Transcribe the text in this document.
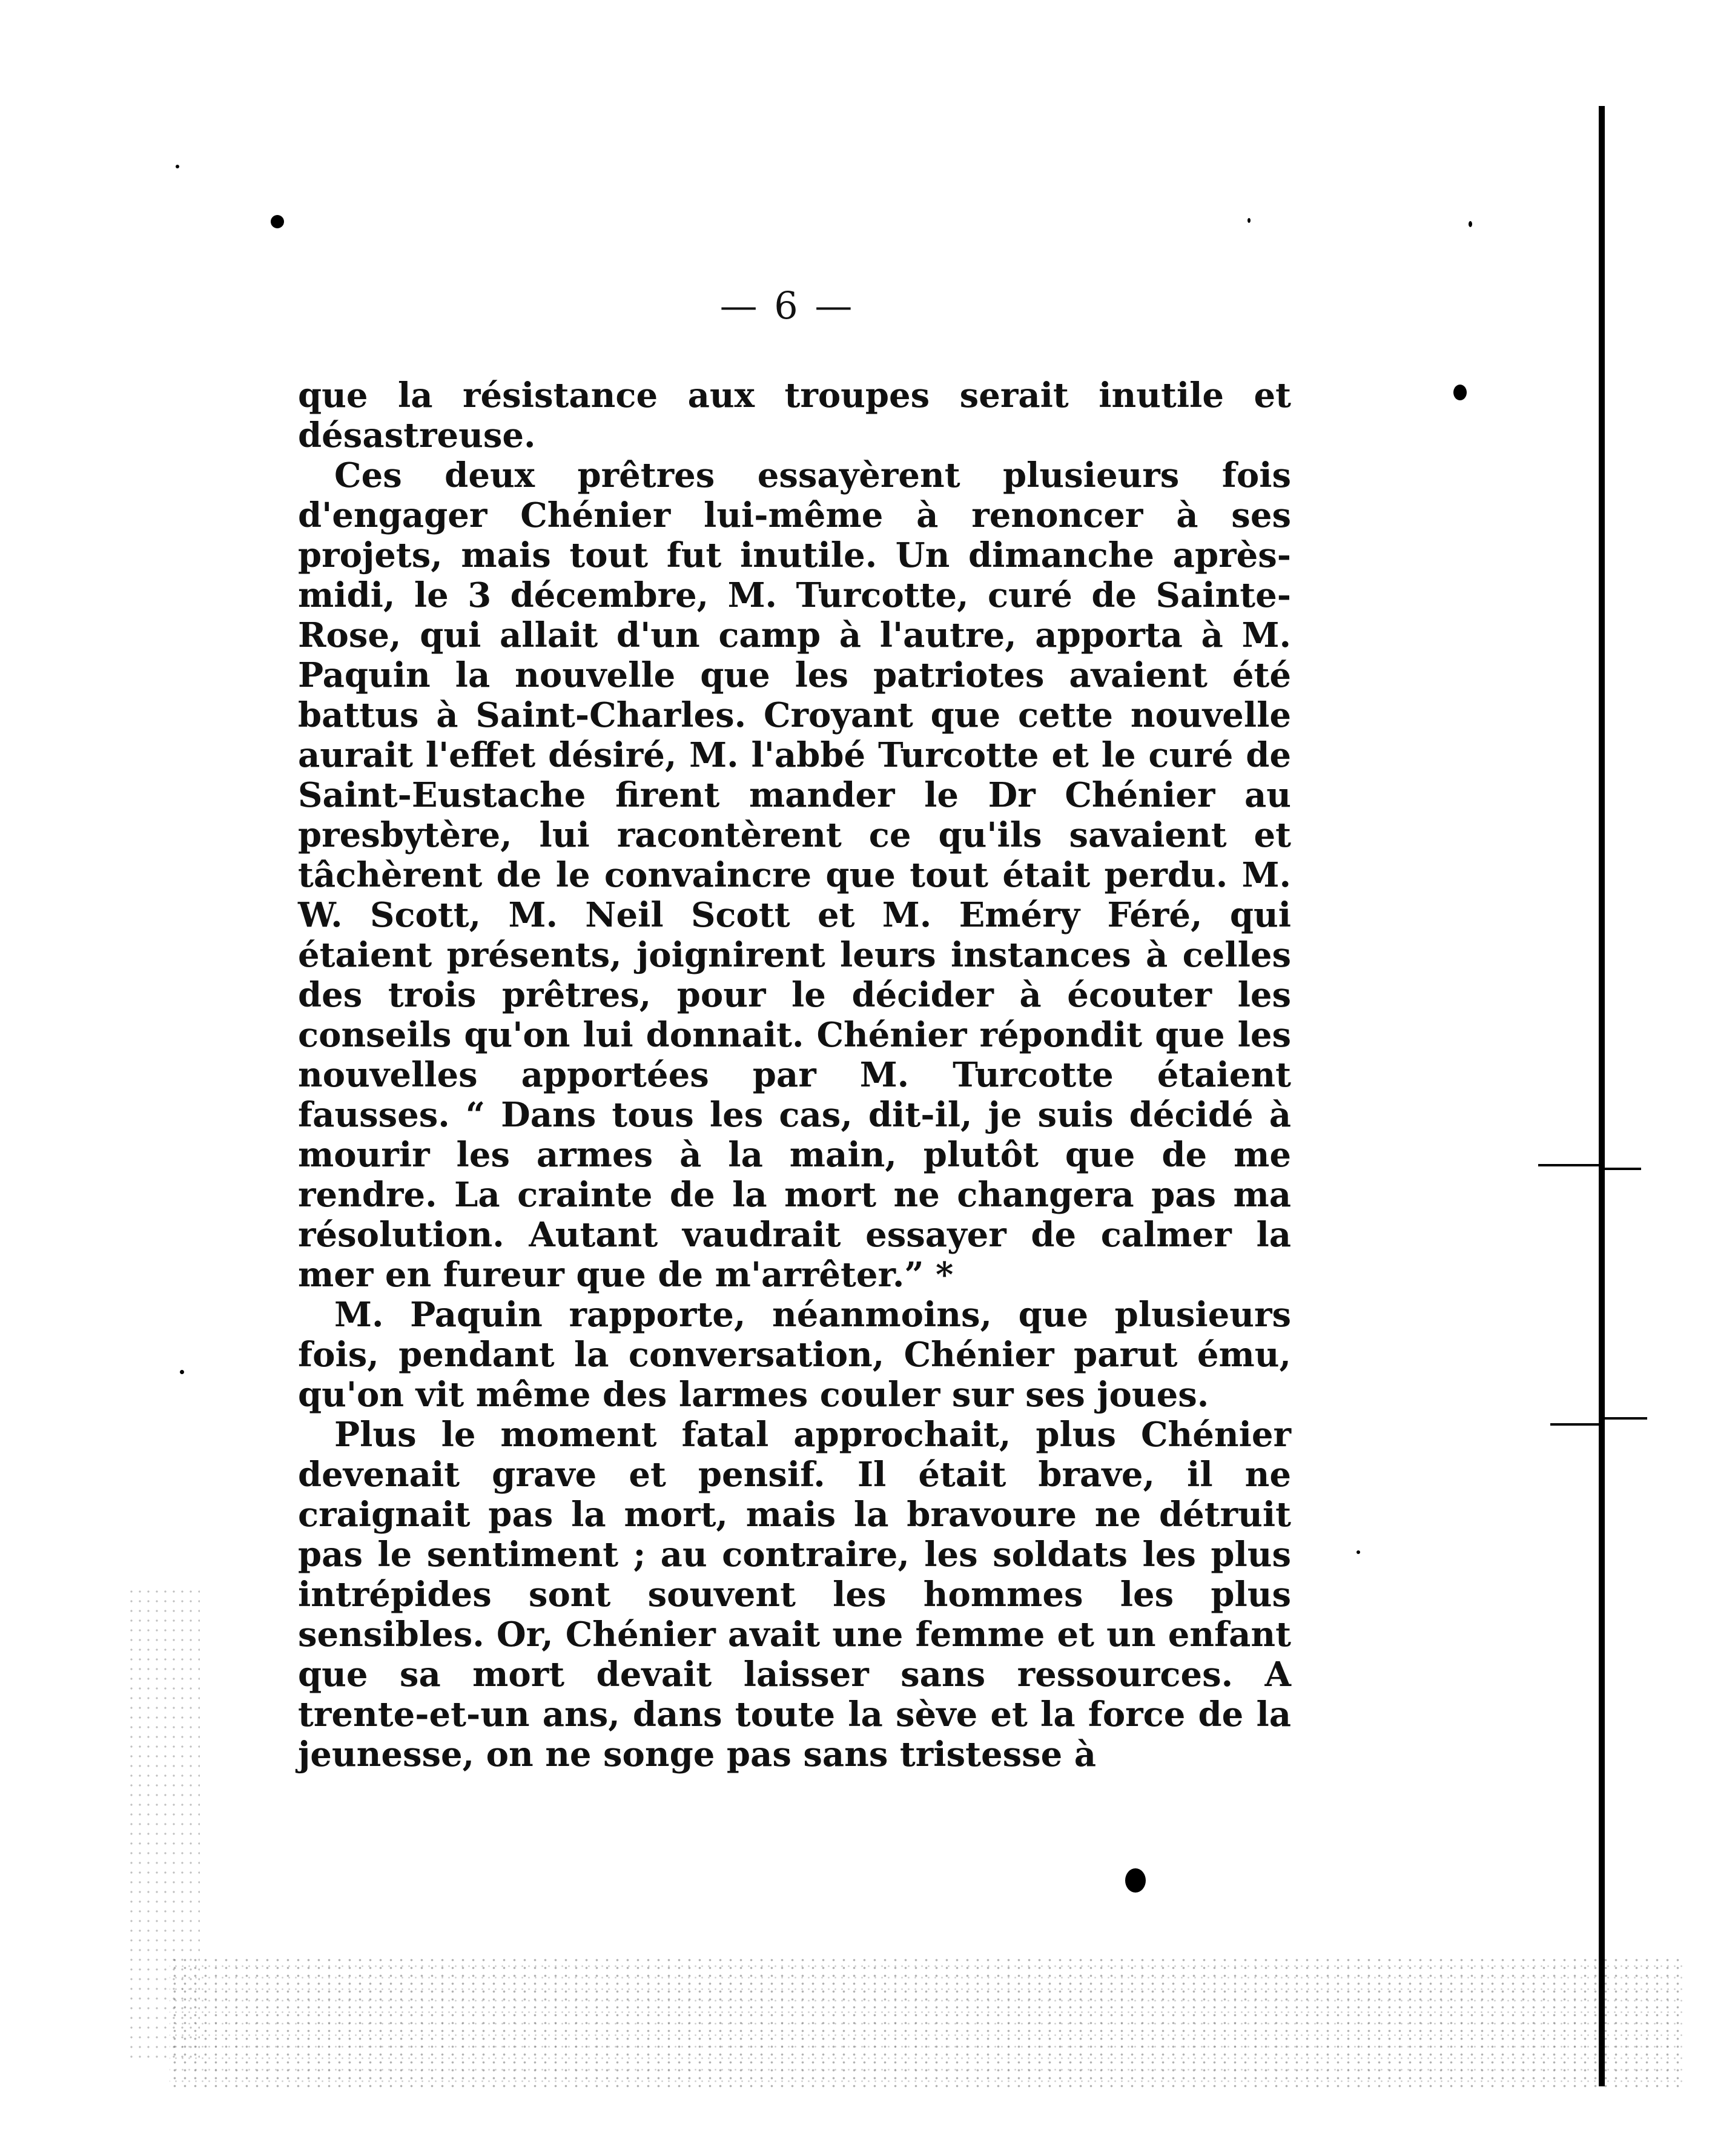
— 6 —

que la résistance aux troupes serait inutile et désastreuse.

Ces deux prêtres essayèrent plusieurs fois d'engager Chénier lui-même à renoncer à ses projets, mais tout fut inutile. Un dimanche après-midi, le 3 décembre, M. Turcotte, curé de Sainte-Rose, qui allait d'un camp à l'autre, apporta à M. Paquin la nouvelle que les patriotes avaient été battus à Saint-Charles. Croyant que cette nouvelle aurait l'effet désiré, M. l'abbé Turcotte et le curé de Saint-Eustache firent mander le Dr Chénier au presbytère, lui racontèrent ce qu'ils savaient et tâchèrent de le convaincre que tout était perdu. M. W. Scott, M. Neil Scott et M. Eméry Féré, qui étaient présents, joignirent leurs instances à celles des trois prêtres, pour le décider à écouter les conseils qu'on lui donnait. Chénier répondit que les nouvelles apportées par M. Turcotte étaient fausses. “ Dans tous les cas, dit-il, je suis décidé à mourir les armes à la main, plutôt que de me rendre. La crainte de la mort ne changera pas ma résolution. Autant vaudrait essayer de calmer la mer en fureur que de m'arrêter.” *

M. Paquin rapporte, néanmoins, que plusieurs fois, pendant la conversation, Chénier parut ému, qu'on vit même des larmes couler sur ses joues.

Plus le moment fatal approchait, plus Chénier devenait grave et pensif. Il était brave, il ne craignait pas la mort, mais la bravoure ne détruit pas le sentiment ; au contraire, les soldats les plus intrépides sont souvent les hommes les plus sensibles. Or, Chénier avait une femme et un enfant que sa mort devait laisser sans ressources. A trente-et-un ans, dans toute la sève et la force de la jeunesse, on ne songe pas sans tristesse à
